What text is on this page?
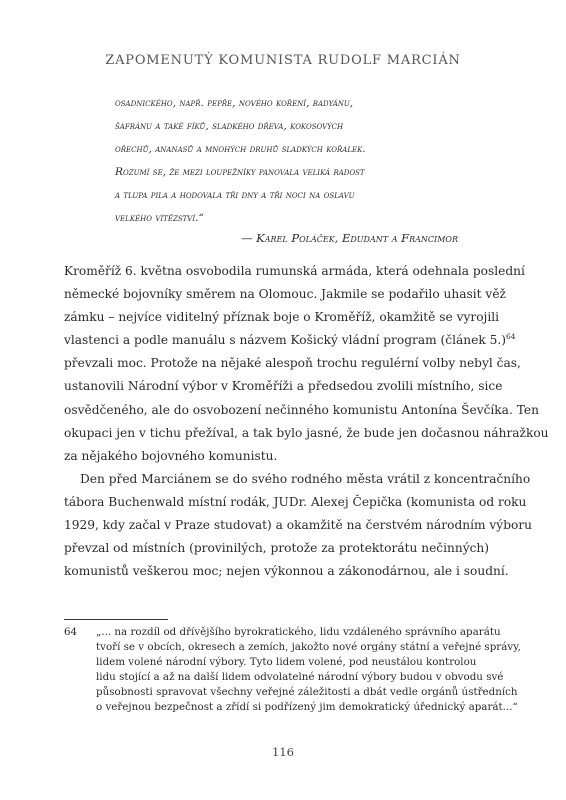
ZAPOMENUTÝ KOMUNISTA RUDOLF MARCIÁN
osadnického, např. pepře, nového koření, badyánu,
šafránu a také fíků, sladkého dřeva, kokosových
ořechů, ananasů a mnohých druhů sladkých kořalek.
Rozumí se, že mezi loupežníky panovala veliká radost
a tlupa pila a hodovala tři dny a tři noci na oslavu
velkého vítězství.“
— Karel Poláček, Edudant a Francimor
Kroměříž 6. května osvobodila rumunská armáda, která odehnala poslední
německé bojovníky směrem na Olomouc. Jakmile se podařilo uhasit věž
zámku – nejvíce viditelný příznak boje o Kroměříž, okamžitě se vyrojili
vlastenci a podle manuálu s názvem Košický vládní program (článek 5.)$^{64}$
převzali moc. Protože na nějaké alespoň trochu regulérní volby nebyl čas,
ustanovili Národní výbor v Kroměříži a předsedou zvolili místního, sice
osvědčeného, ale do osvobození nečinného komunistu Antonína Ševčíka. Ten
okupaci jen v tichu přežíval, a tak bylo jasné, že bude jen dočasnou náhražkou
za nějakého bojovného komunistu.
Den před Marciánem se do svého rodného města vrátil z koncentračního
tábora Buchenwald místní rodák, JUDr. Alexej Čepička (komunista od roku
1929, kdy začal v Praze studovat) a okamžitě na čerstvém národním výboru
převzal od místních (provinilých, protože za protektorátu nečinných)
komunistů veškerou moc; nejen výkonnou a zákonodárnou, ale i soudní.
64 „... na rozdíl od dřívějšího byrokratického, lidu vzdáleného správního aparátu
tvoří se v obcích, okresech a zemích, jakožto nové orgány státní a veřejné správy,
lidem volené národní výbory. Tyto lidem volené, pod neustálou kontrolou
lidu stojící a až na další lidem odvolatelné národní výbory budou v obvodu své
působnosti spravovat všechny veřejné záležitosti a dbát vedle orgánů ústředních
o veřejnou bezpečnost a zřídí si podřízený jim demokratický úřednický aparát...“
116
